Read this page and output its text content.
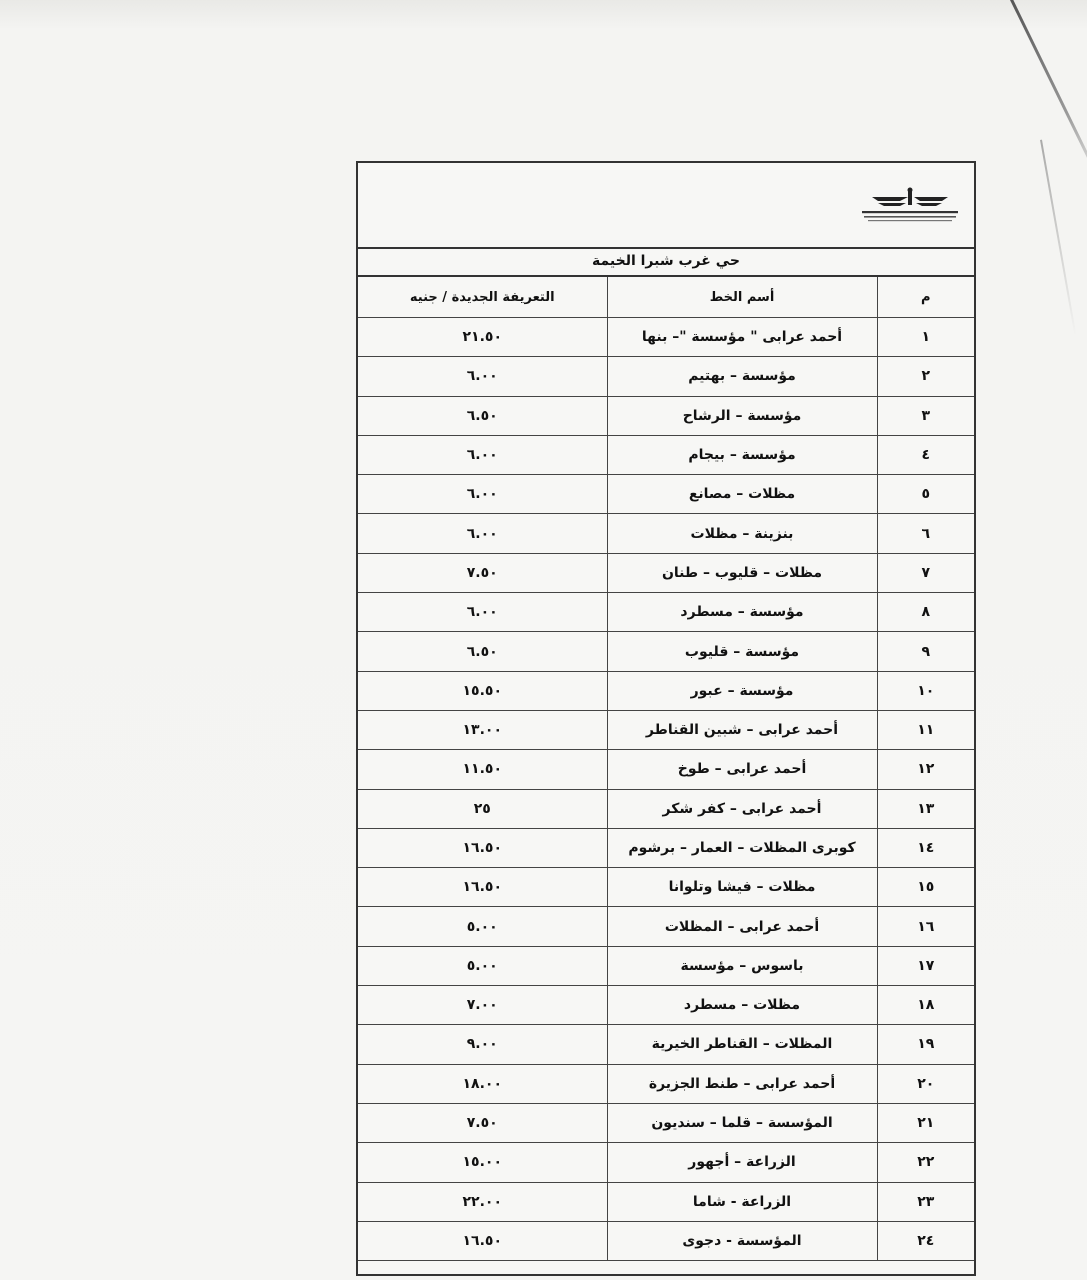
حي غرب شبرا الخيمة
م	أسم الخط	التعريفة الجديدة / جنيه
١	أحمد عرابى " مؤسسة "– بنها	٢١.٥٠
٢	مؤسسة – بهتيم	٦.٠٠
٣	مؤسسة – الرشاح	٦.٥٠
٤	مؤسسة – بيجام	٦.٠٠
٥	مظلات – مصانع	٦.٠٠
٦	بنزينة – مظلات	٦.٠٠
٧	مظلات – قليوب – طنان	٧.٥٠
٨	مؤسسة – مسطرد	٦.٠٠
٩	مؤسسة – قليوب	٦.٥٠
١٠	مؤسسة – عبور	١٥.٥٠
١١	أحمد عرابى – شبين القناطر	١٣.٠٠
١٢	أحمد عرابى – طوخ	١١.٥٠
١٣	أحمد عرابى – كفر شكر	٢٥
١٤	كوبرى المظلات – العمار – برشوم	١٦.٥٠
١٥	مظلات – فيشا وتلوانا	١٦.٥٠
١٦	أحمد عرابى – المظلات	٥.٠٠
١٧	باسوس – مؤسسة	٥.٠٠
١٨	مظلات – مسطرد	٧.٠٠
١٩	المظلات – القناطر الخيرية	٩.٠٠
٢٠	أحمد عرابى – طنط الجزيرة	١٨.٠٠
٢١	المؤسسة – قلما – سنديون	٧.٥٠
٢٢	الزراعة – أجهور	١٥.٠٠
٢٣	الزراعة - شاما	٢٢.٠٠
٢٤	المؤسسة - دجوى	١٦.٥٠
